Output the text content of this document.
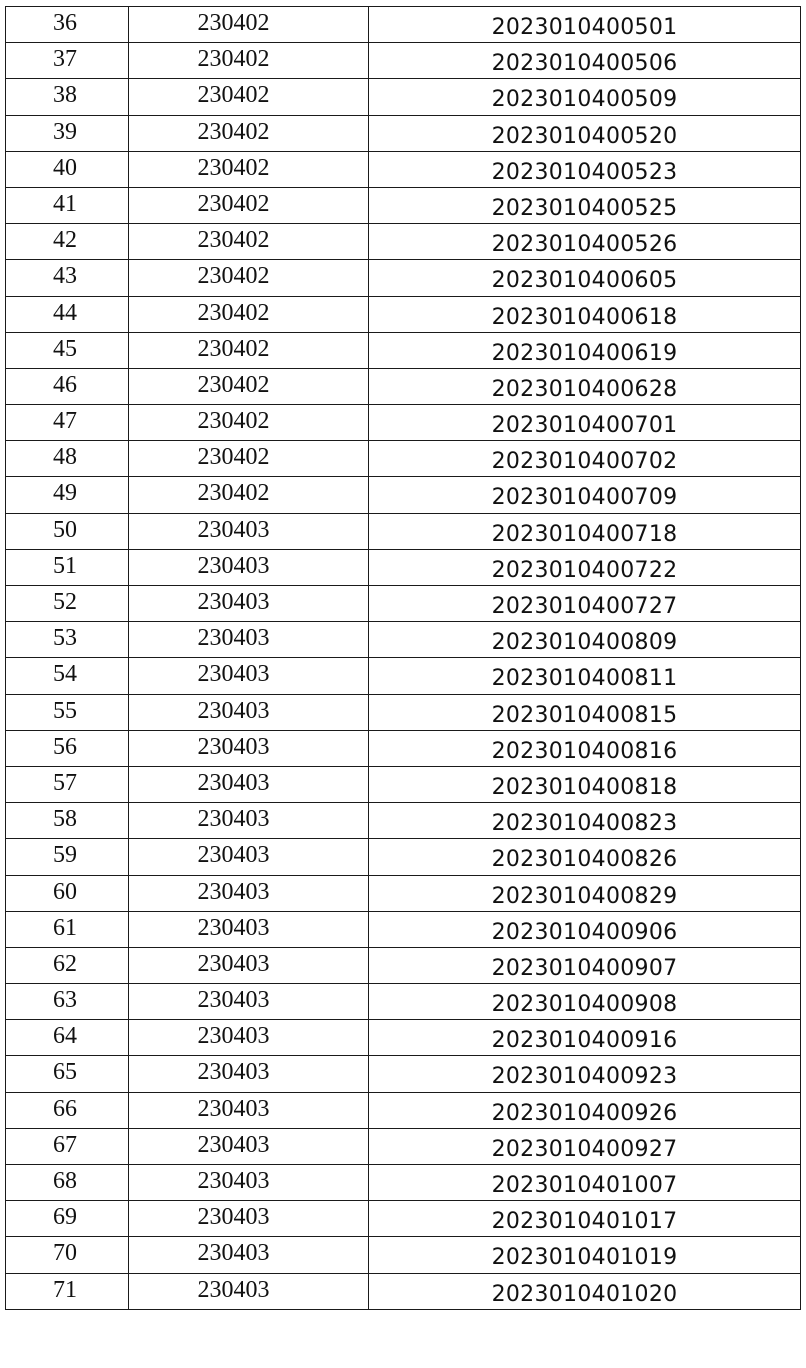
36	230402	2023010400501
37	230402	2023010400506
38	230402	2023010400509
39	230402	2023010400520
40	230402	2023010400523
41	230402	2023010400525
42	230402	2023010400526
43	230402	2023010400605
44	230402	2023010400618
45	230402	2023010400619
46	230402	2023010400628
47	230402	2023010400701
48	230402	2023010400702
49	230402	2023010400709
50	230403	2023010400718
51	230403	2023010400722
52	230403	2023010400727
53	230403	2023010400809
54	230403	2023010400811
55	230403	2023010400815
56	230403	2023010400816
57	230403	2023010400818
58	230403	2023010400823
59	230403	2023010400826
60	230403	2023010400829
61	230403	2023010400906
62	230403	2023010400907
63	230403	2023010400908
64	230403	2023010400916
65	230403	2023010400923
66	230403	2023010400926
67	230403	2023010400927
68	230403	2023010401007
69	230403	2023010401017
70	230403	2023010401019
71	230403	2023010401020
